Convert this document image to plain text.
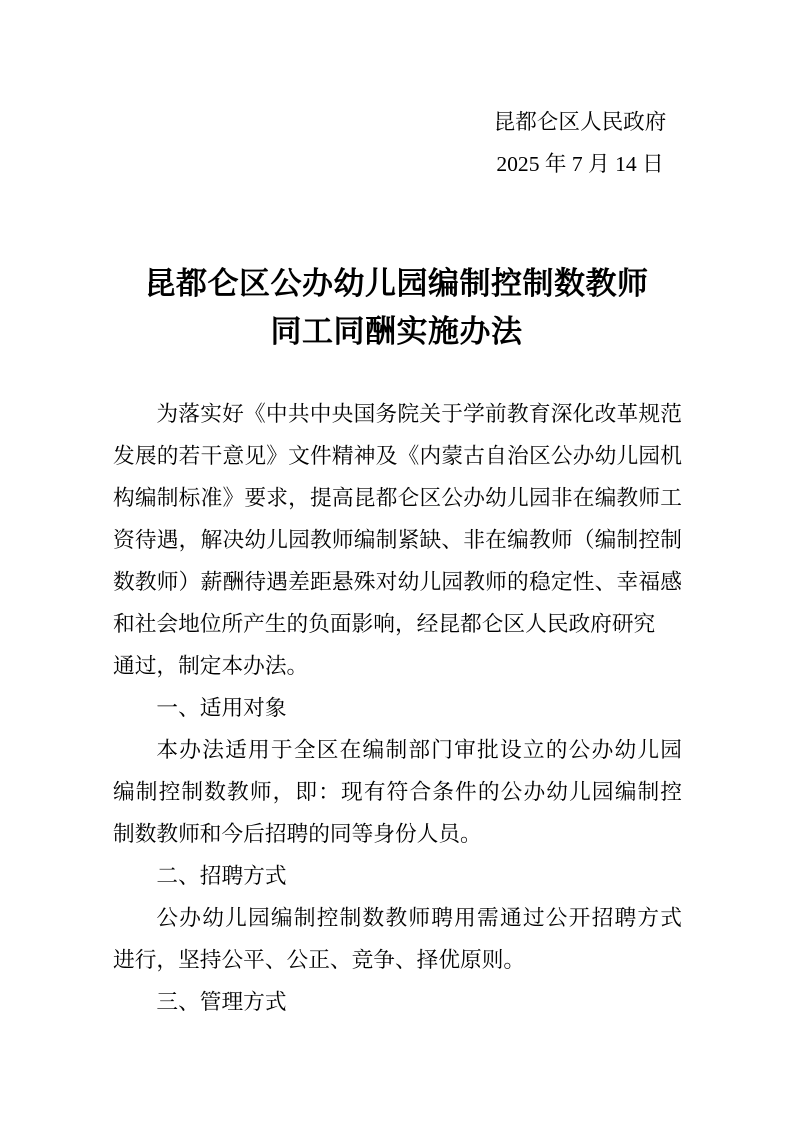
昆都仑区人民政府
2025 年 7 月 14 日
昆都仑区公办幼儿园编制控制数教师
同工同酬实施办法
为落实好《中共中央国务院关于学前教育深化改革规范
发展的若干意见》文件精神及《内蒙古自治区公办幼儿园机
构编制标准》要求，提高昆都仑区公办幼儿园非在编教师工
资待遇，解决幼儿园教师编制紧缺、非在编教师（编制控制
数教师）薪酬待遇差距悬殊对幼儿园教师的稳定性、幸福感
和社会地位所产生的负面影响，经昆都仑区人民政府研究
通过，制定本办法。
一、适用对象
本办法适用于全区在编制部门审批设立的公办幼儿园
编制控制数教师，即：现有符合条件的公办幼儿园编制控
制数教师和今后招聘的同等身份人员。
二、招聘方式
公办幼儿园编制控制数教师聘用需通过公开招聘方式
进行，坚持公平、公正、竞争、择优原则。
三、管理方式
